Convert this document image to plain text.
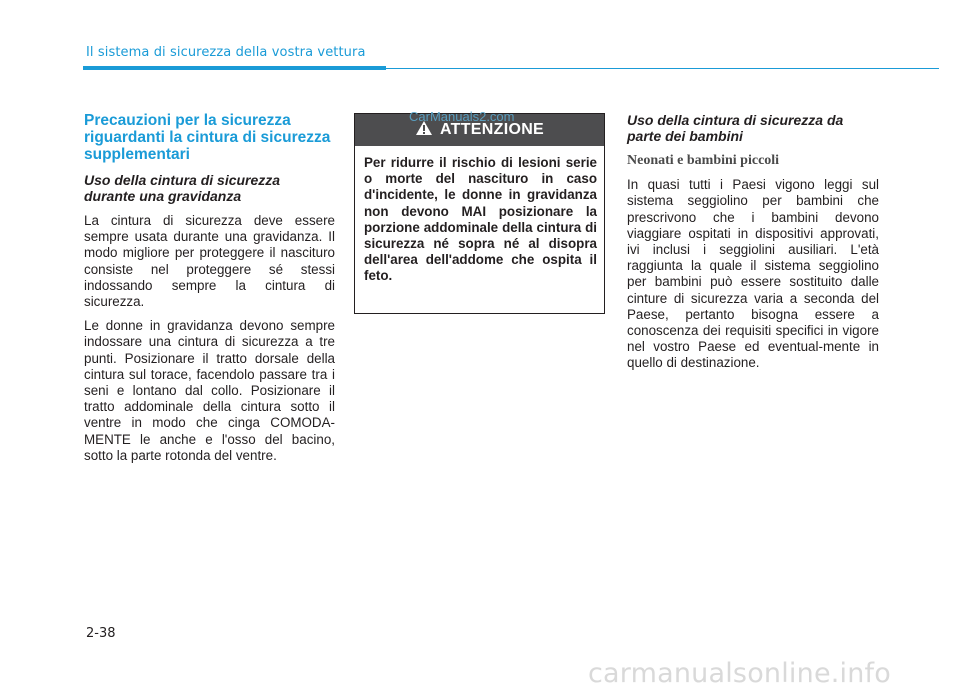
Il sistema di sicurezza della vostra vettura
Precauzioni per la sicurezza riguardanti la cintura di sicurezza supplementari
Uso della cintura di sicurezza durante una gravidanza

La cintura di sicurezza deve essere sempre usata durante una gravidanza. Il modo migliore per proteggere il nascituro consiste nel proteggere sé stessi indossando sempre la cintura di sicurezza.

Le donne in gravidanza devono sempre indossare una cintura di sicurezza a tre punti. Posizionare il tratto dorsale della cintura sul torace, facendolo passare tra i seni e lontano dal collo. Posizionare il tratto addominale della cintura sotto il ventre in modo che cinga COMODA-MENTE le anche e l'osso del bacino, sotto la parte rotonda del ventre.

ATTENZIONE
Per ridurre il rischio di lesioni serie o morte del nascituro in caso d'incidente, le donne in gravidanza non devono MAI posizionare la porzione addominale della cintura di sicurezza né sopra né al disopra dell'area dell'addome che ospita il feto.
CarManuals2.com	Uso della cintura di sicurezza da parte dei bambini
Neonati e bambini piccoli

In quasi tutti i Paesi vigono leggi sul sistema seggiolino per bambini che prescrivono che i bambini devono viaggiare ospitati in dispositivi approvati, ivi inclusi i seggiolini ausiliari. L'età raggiunta la quale il sistema seggiolino per bambini può essere sostituito dalle cinture di sicurezza varia a seconda del Paese, pertanto bisogna essere a conoscenza dei requisiti specifici in vigore nel vostro Paese ed eventual-mente in quello di destinazione.

2-38
carmanualsonline.info
